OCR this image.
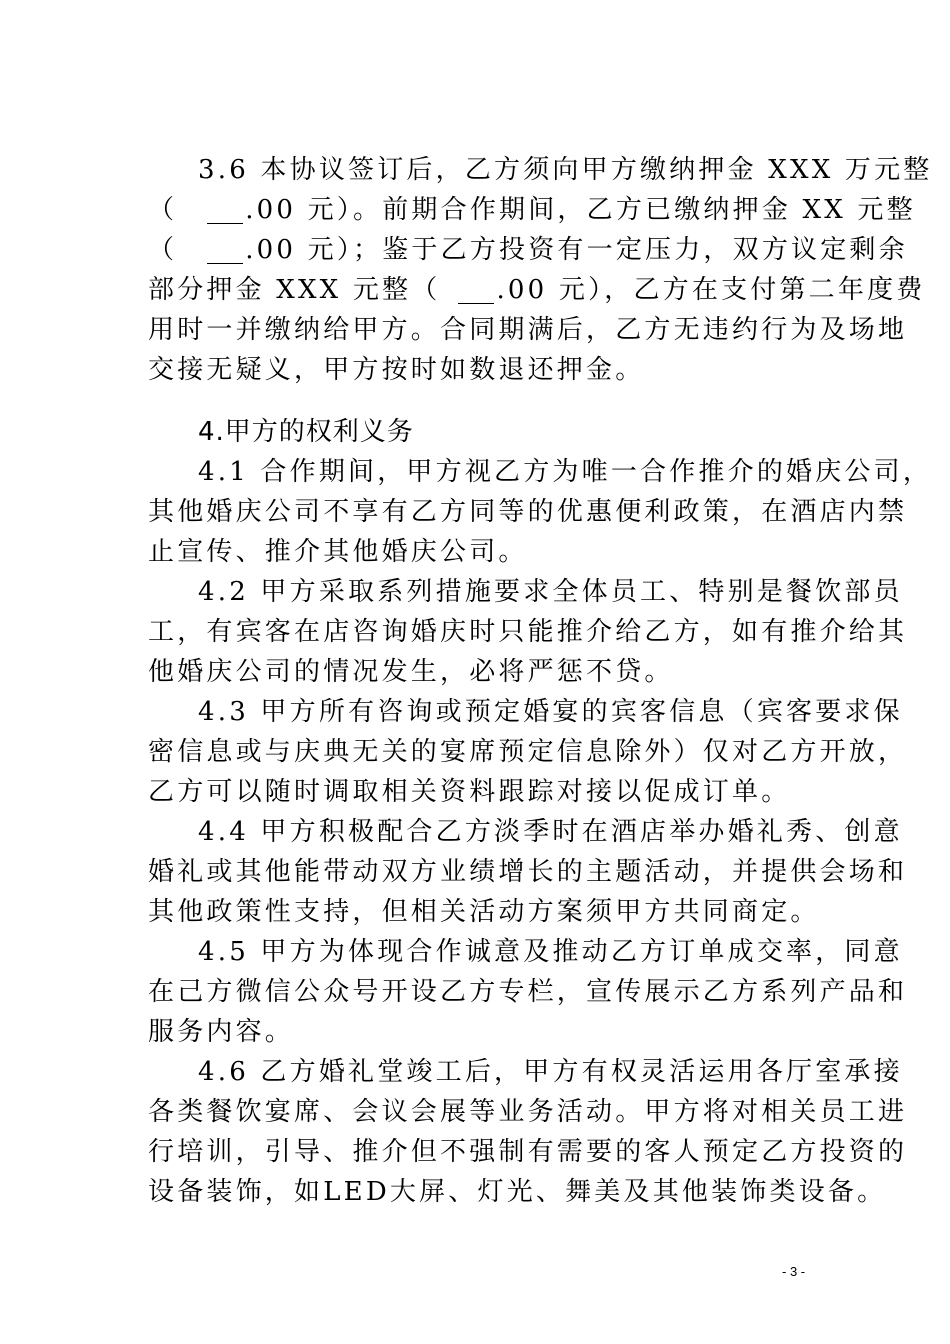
3.6 本协议签订后，乙方须向甲方缴纳押金 XXX 万元整
（	.00 元）。前期合作期间，乙方已缴纳押金 XX 元整
（	.00 元）；鉴于乙方投资有一定压力，双方议定剩余
部分押金 XXX 元整（ .00 元），乙方在支付第二年度费
用时一并缴纳给甲方。合同期满后，乙方无违约行为及场地
交接无疑义，甲方按时如数退还押金。
4.甲方的权利义务
4.1 合作期间，甲方视乙方为唯一合作推介的婚庆公司，
其他婚庆公司不享有乙方同等的优惠便利政策，在酒店内禁
止宣传、推介其他婚庆公司。
4.2 甲方采取系列措施要求全体员工、特别是餐饮部员
工，有宾客在店咨询婚庆时只能推介给乙方，如有推介给其
他婚庆公司的情况发生，必将严惩不贷。
4.3 甲方所有咨询或预定婚宴的宾客信息（宾客要求保
密信息或与庆典无关的宴席预定信息除外）仅对乙方开放，
乙方可以随时调取相关资料跟踪对接以促成订单。
4.4 甲方积极配合乙方淡季时在酒店举办婚礼秀、创意
婚礼或其他能带动双方业绩增长的主题活动，并提供会场和
其他政策性支持，但相关活动方案须甲方共同商定。
4.5 甲方为体现合作诚意及推动乙方订单成交率，同意
在己方微信公众号开设乙方专栏，宣传展示乙方系列产品和
服务内容。
4.6 乙方婚礼堂竣工后，甲方有权灵活运用各厅室承接
各类餐饮宴席、会议会展等业务活动。甲方将对相关员工进
行培训，引导、推介但不强制有需要的客人预定乙方投资的
设备装饰，如LED大屏、灯光、舞美及其他装饰类设备。
- 3 -
